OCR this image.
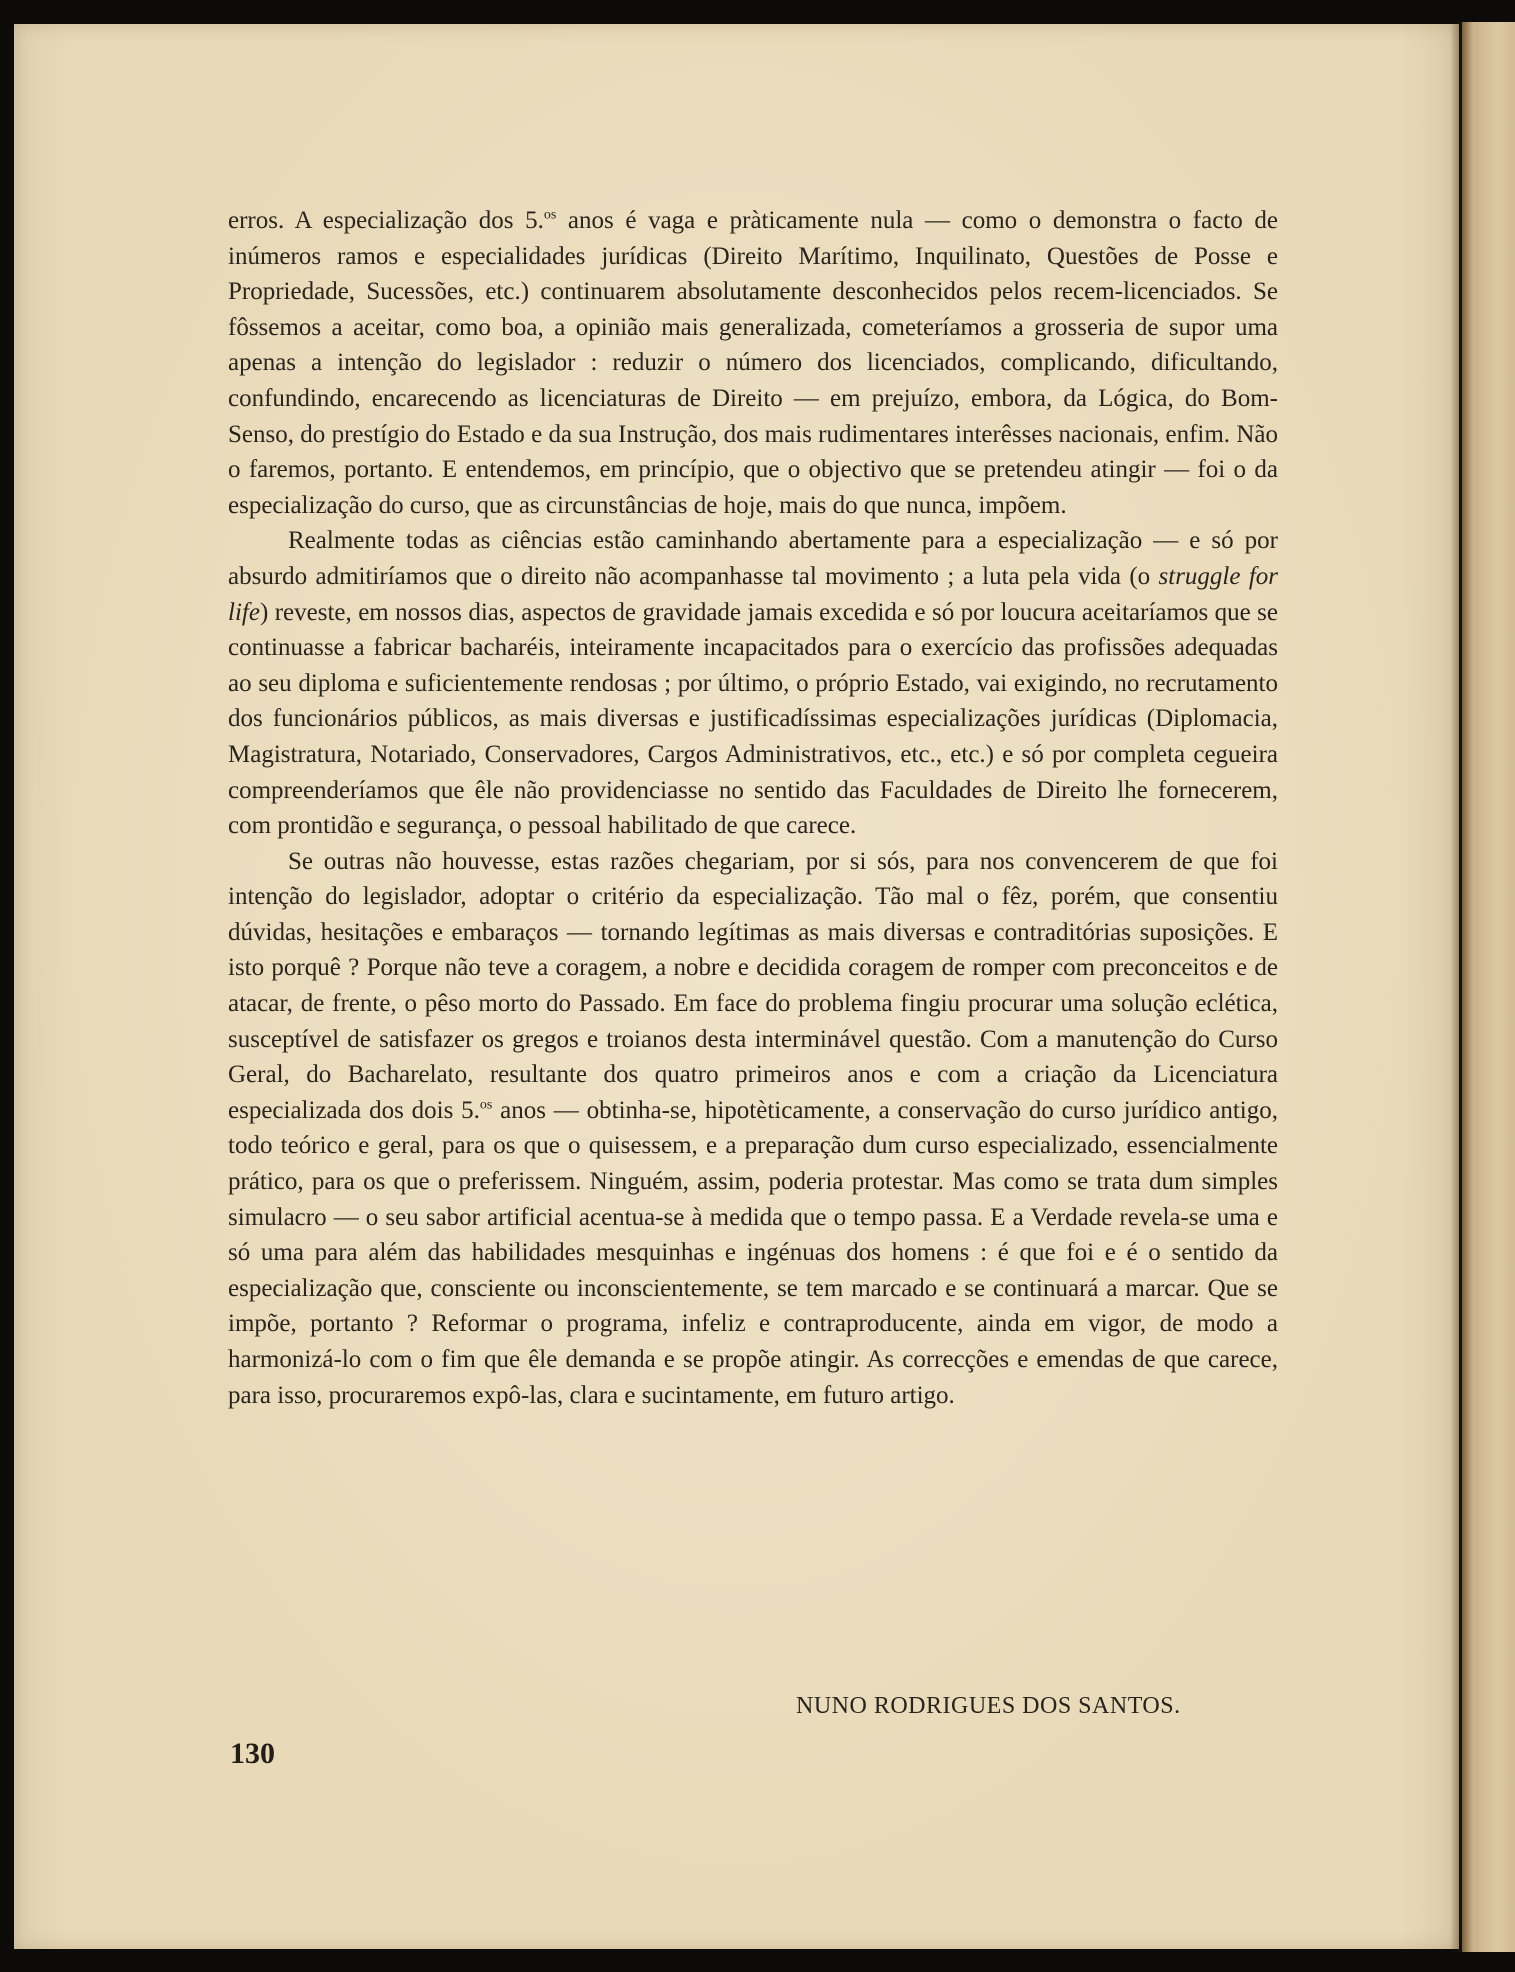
erros. A especialização dos 5.$^{os}$ anos é vaga e pràticamente nula — como o demonstra o facto de inúmeros ramos e especialidades jurídicas (Direito Marítimo, Inquilinato, Questões de Posse e Propriedade, Sucessões, etc.) continuarem absolutamente desconhecidos pelos recem-licenciados. Se fôssemos a aceitar, como boa, a opinião mais generalizada, cometeríamos a grosseria de supor uma apenas a intenção do legislador : reduzir o número dos licenciados, complicando, dificultando, confundindo, encarecendo as licenciaturas de Direito — em prejuízo, embora, da Lógica, do Bom-Senso, do prestígio do Estado e da sua Instrução, dos mais rudimentares interêsses nacionais, enfim. Não o faremos, portanto. E entendemos, em princípio, que o objectivo que se pretendeu atingir — foi o da especialização do curso, que as circunstâncias de hoje, mais do que nunca, impõem.

Realmente todas as ciências estão caminhando abertamente para a especialização — e só por absurdo admitiríamos que o direito não acompanhasse tal movimento ; a luta pela vida (o struggle for life) reveste, em nossos dias, aspectos de gravidade jamais excedida e só por loucura aceitaríamos que se continuasse a fabricar bacharéis, inteiramente incapacitados para o exercício das profissões adequadas ao seu diploma e suficientemente rendosas ; por último, o próprio Estado, vai exigindo, no recrutamento dos funcionários públicos, as mais diversas e justificadíssimas especializações jurídicas (Diplomacia, Magistratura, Notariado, Conservadores, Cargos Administrativos, etc., etc.) e só por completa cegueira compreenderíamos que êle não providenciasse no sentido das Faculdades de Direito lhe fornecerem, com prontidão e segurança, o pessoal habilitado de que carece.

Se outras não houvesse, estas razões chegariam, por si sós, para nos convencerem de que foi intenção do legislador, adoptar o critério da especialização. Tão mal o fêz, porém, que consentiu dúvidas, hesitações e embaraços — tornando legítimas as mais diversas e contraditórias suposições. E isto porquê ? Porque não teve a coragem, a nobre e decidida coragem de romper com preconceitos e de atacar, de frente, o pêso morto do Passado. Em face do problema fingiu procurar uma solução eclética, susceptível de satisfazer os gregos e troianos desta interminável questão. Com a manutenção do Curso Geral, do Bacharelato, resultante dos quatro primeiros anos e com a criação da Licenciatura especializada dos dois 5.$^{os}$ anos — obtinha-se, hipotèticamente, a conservação do curso jurídico antigo, todo teórico e geral, para os que o quisessem, e a preparação dum curso especializado, essencialmente prático, para os que o preferissem. Ninguém, assim, poderia protestar. Mas como se trata dum simples simulacro — o seu sabor artificial acentua-se à medida que o tempo passa. E a Verdade revela-se uma e só uma para além das habilidades mesquinhas e ingénuas dos homens : é que foi e é o sentido da especialização que, consciente ou inconscientemente, se tem marcado e se continuará a marcar. Que se impõe, portanto ? Reformar o programa, infeliz e contraproducente, ainda em vigor, de modo a harmonizá-lo com o fim que êle demanda e se propõe atingir. As correcções e emendas de que carece, para isso, procuraremos expô-las, clara e sucintamente, em futuro artigo.

NUNO RODRIGUES DOS SANTOS.
130
